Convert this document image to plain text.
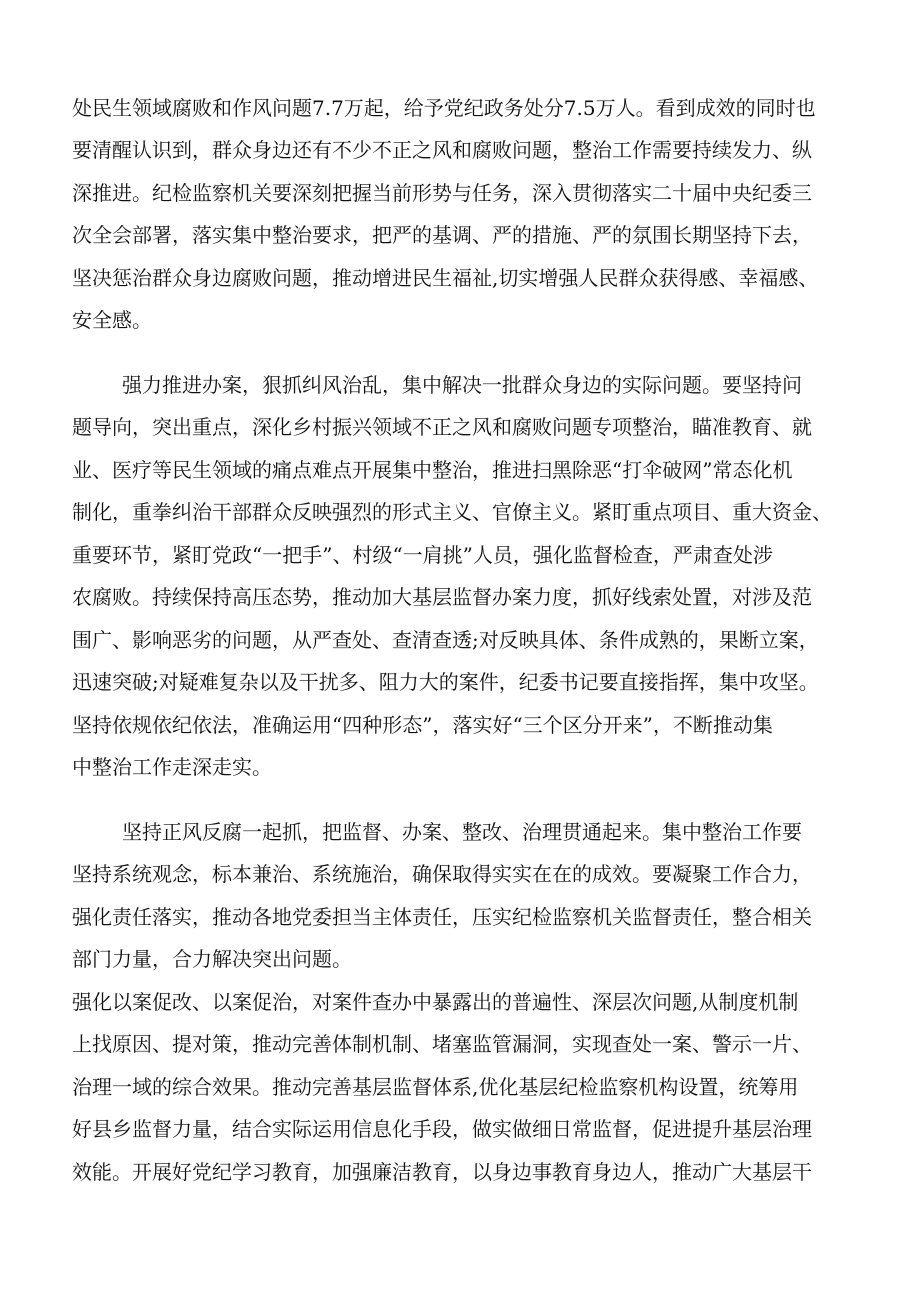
处民生领域腐败和作风问题7.7万起，给予党纪政务处分7.5万人。看到成效的同时也

要清醒认识到，群众身边还有不少不正之风和腐败问题，整治工作需要持续发力、纵

深推进。纪检监察机关要深刻把握当前形势与任务，深入贯彻落实二十届中央纪委三

次全会部署，落实集中整治要求，把严的基调、严的措施、严的氛围长期坚持下去，

坚决惩治群众身边腐败问题，推动增进民生福祉,切实增强人民群众获得感、幸福感、

安全感。

强力推进办案，狠抓纠风治乱，集中解决一批群众身边的实际问题。要坚持问

题导向，突出重点，深化乡村振兴领域不正之风和腐败问题专项整治，瞄准教育、就

业、医疗等民生领域的痛点难点开展集中整治，推进扫黑除恶“打伞破网”常态化机

制化，重拳纠治干部群众反映强烈的形式主义、官僚主义。紧盯重点项目、重大资金、

重要环节，紧盯党政“一把手”、村级“一肩挑”人员，强化监督检查，严肃查处涉

农腐败。持续保持高压态势，推动加大基层监督办案力度，抓好线索处置，对涉及范

围广、影响恶劣的问题，从严查处、查清查透;对反映具体、条件成熟的，果断立案，

迅速突破;对疑难复杂以及干扰多、阻力大的案件，纪委书记要直接指挥，集中攻坚。

坚持依规依纪依法，准确运用“四种形态”，落实好“三个区分开来”，不断推动集

中整治工作走深走实。

坚持正风反腐一起抓，把监督、办案、整改、治理贯通起来。集中整治工作要

坚持系统观念，标本兼治、系统施治，确保取得实实在在的成效。要凝聚工作合力，

强化责任落实，推动各地党委担当主体责任，压实纪检监察机关监督责任，整合相关

部门力量，合力解决突出问题。

强化以案促改、以案促治，对案件查办中暴露出的普遍性、深层次问题,从制度机制

上找原因、提对策，推动完善体制机制、堵塞监管漏洞，实现查处一案、警示一片、

治理一域的综合效果。推动完善基层监督体系,优化基层纪检监察机构设置，统筹用

好县乡监督力量，结合实际运用信息化手段，做实做细日常监督，促进提升基层治理

效能。开展好党纪学习教育，加强廉洁教育，以身边事教育身边人，推动广大基层干
